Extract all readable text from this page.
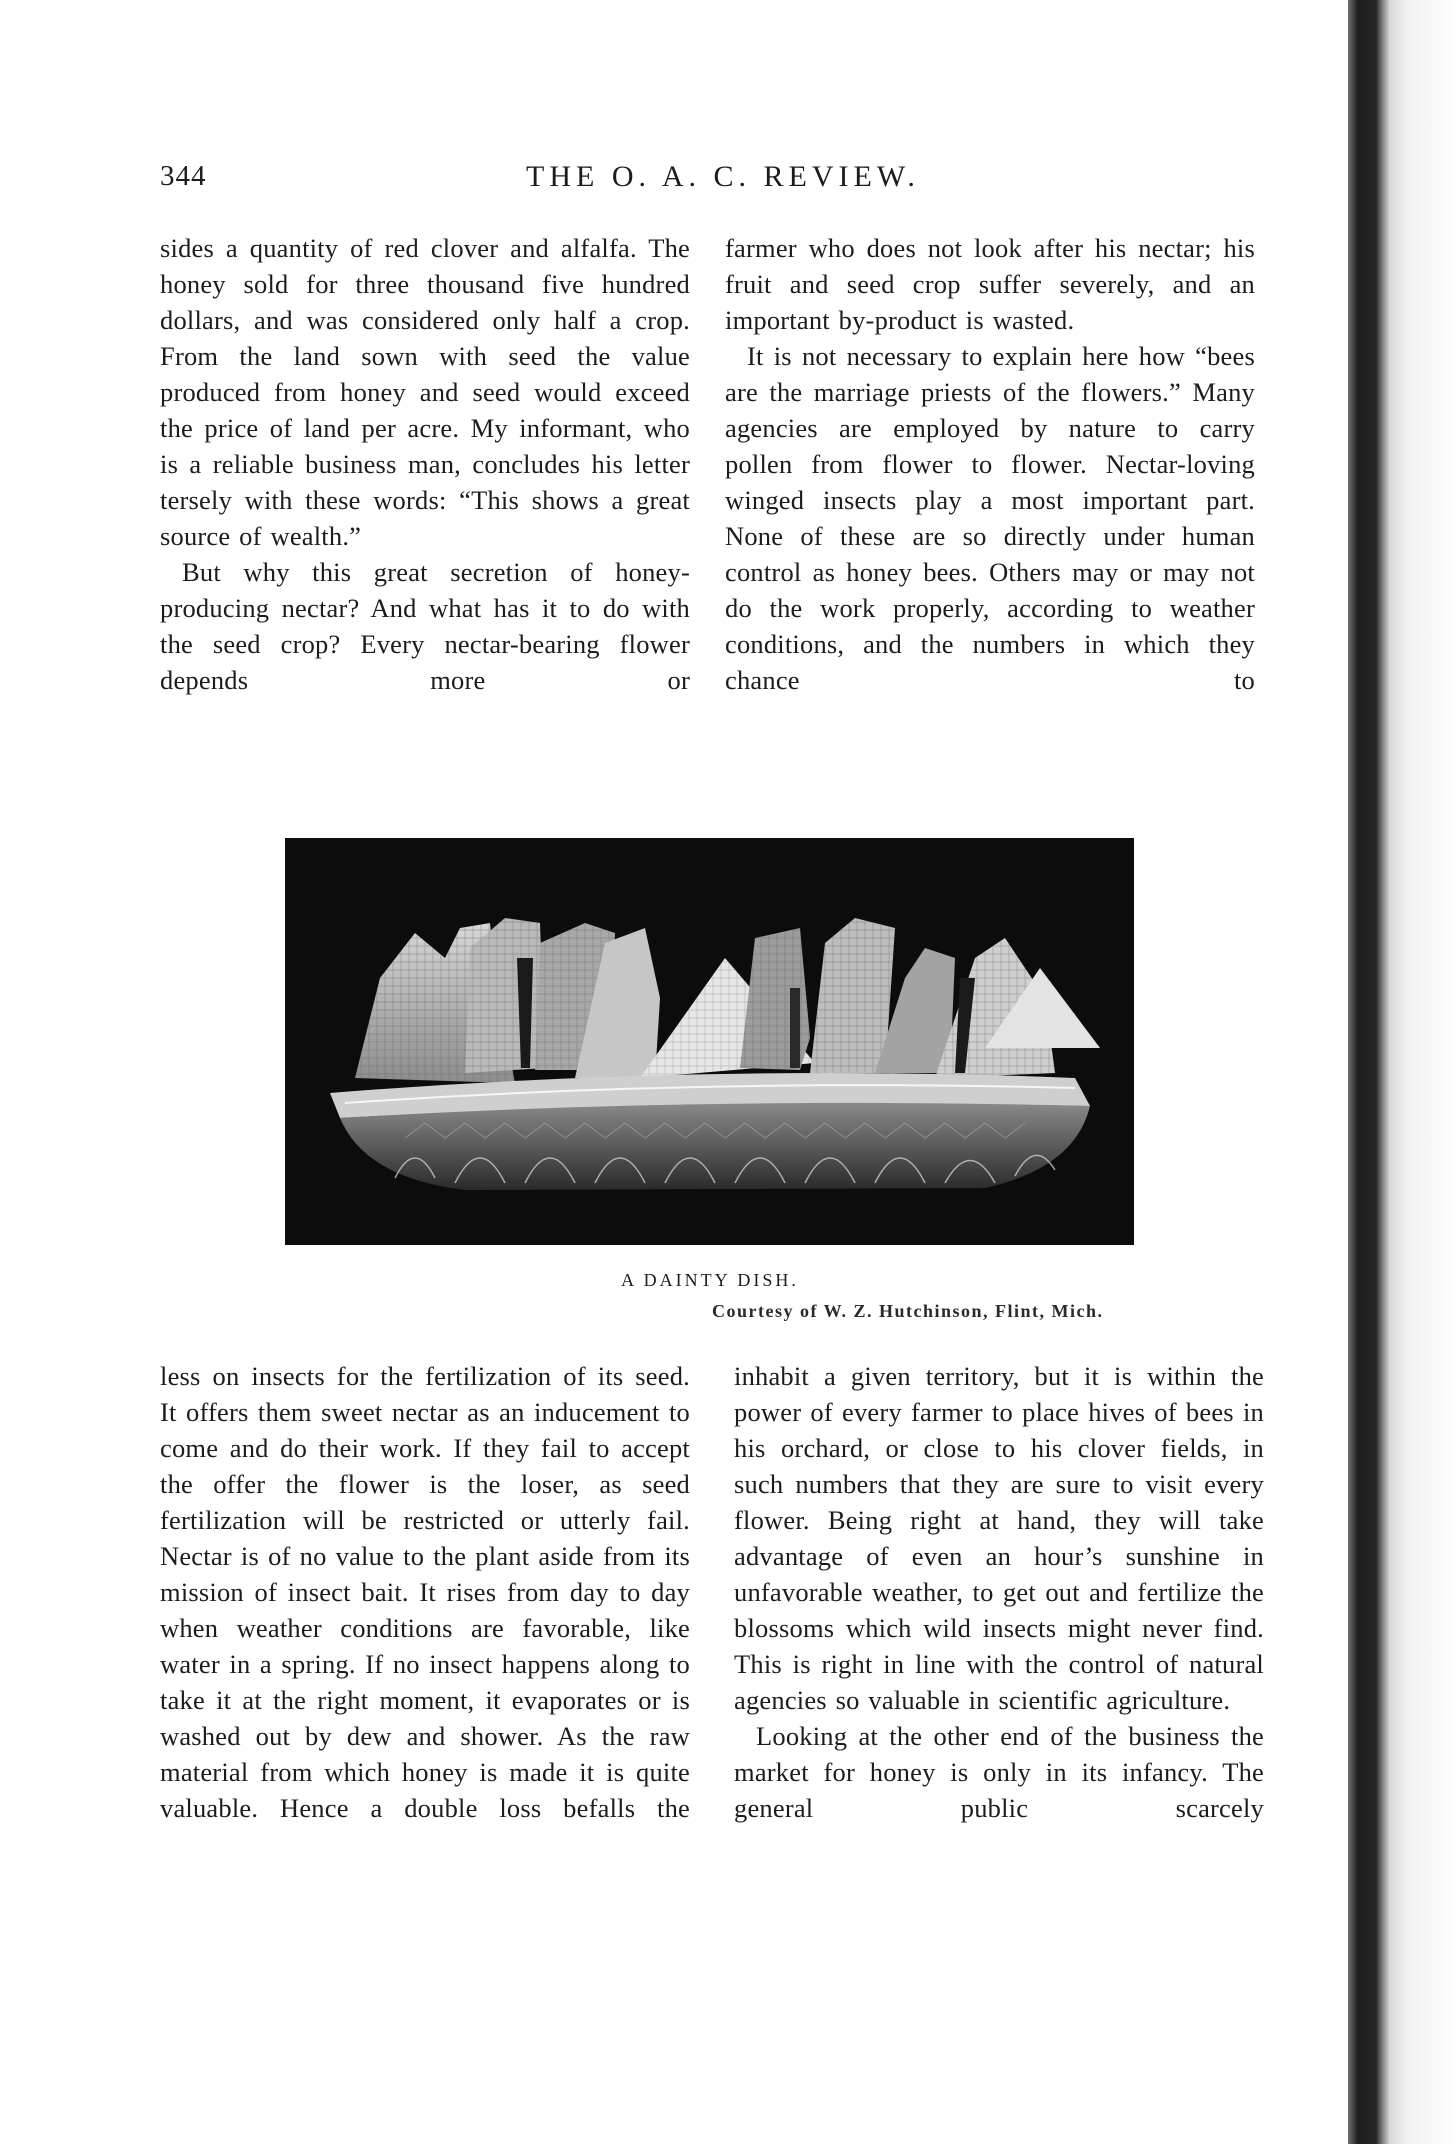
344	THE O. A. C. REVIEW.

sides a quantity of red clover and alfalfa. The honey sold for three thousand five hundred dollars, and was considered only half a crop. From the land sown with seed the value produced from honey and seed would exceed the price of land per acre. My informant, who is a reliable business man, concludes his letter tersely with these words: “This shows a great source of wealth.”

But why this great secretion of honey-producing nectar? And what has it to do with the seed crop? Every nectar-bearing flower depends more or

farmer who does not look after his nectar; his fruit and seed crop suffer severely, and an important by-product is wasted.

It is not necessary to explain here how “bees are the marriage priests of the flowers.” Many agencies are employed by nature to carry pollen from flower to flower. Nectar-loving winged insects play a most important part. None of these are so directly under human control as honey bees. Others may or may not do the work properly, according to weather conditions, and the numbers in which they chance to

A DAINTY DISH.

Courtesy of W. Z. Hutchinson, Flint, Mich.

less on insects for the fertilization of its seed. It offers them sweet nectar as an inducement to come and do their work. If they fail to accept the offer the flower is the loser, as seed fertilization will be restricted or utterly fail. Nectar is of no value to the plant aside from its mission of insect bait. It rises from day to day when weather conditions are favorable, like water in a spring. If no insect happens along to take it at the right moment, it evaporates or is washed out by dew and shower. As the raw material from which honey is made it is quite valuable. Hence a double loss befalls the

inhabit a given territory, but it is within the power of every farmer to place hives of bees in his orchard, or close to his clover fields, in such numbers that they are sure to visit every flower. Being right at hand, they will take advantage of even an hour’s sunshine in unfavorable weather, to get out and fertilize the blossoms which wild insects might never find. This is right in line with the control of natural agencies so valuable in scientific agriculture.

Looking at the other end of the business the market for honey is only in its infancy. The general public scarcely
